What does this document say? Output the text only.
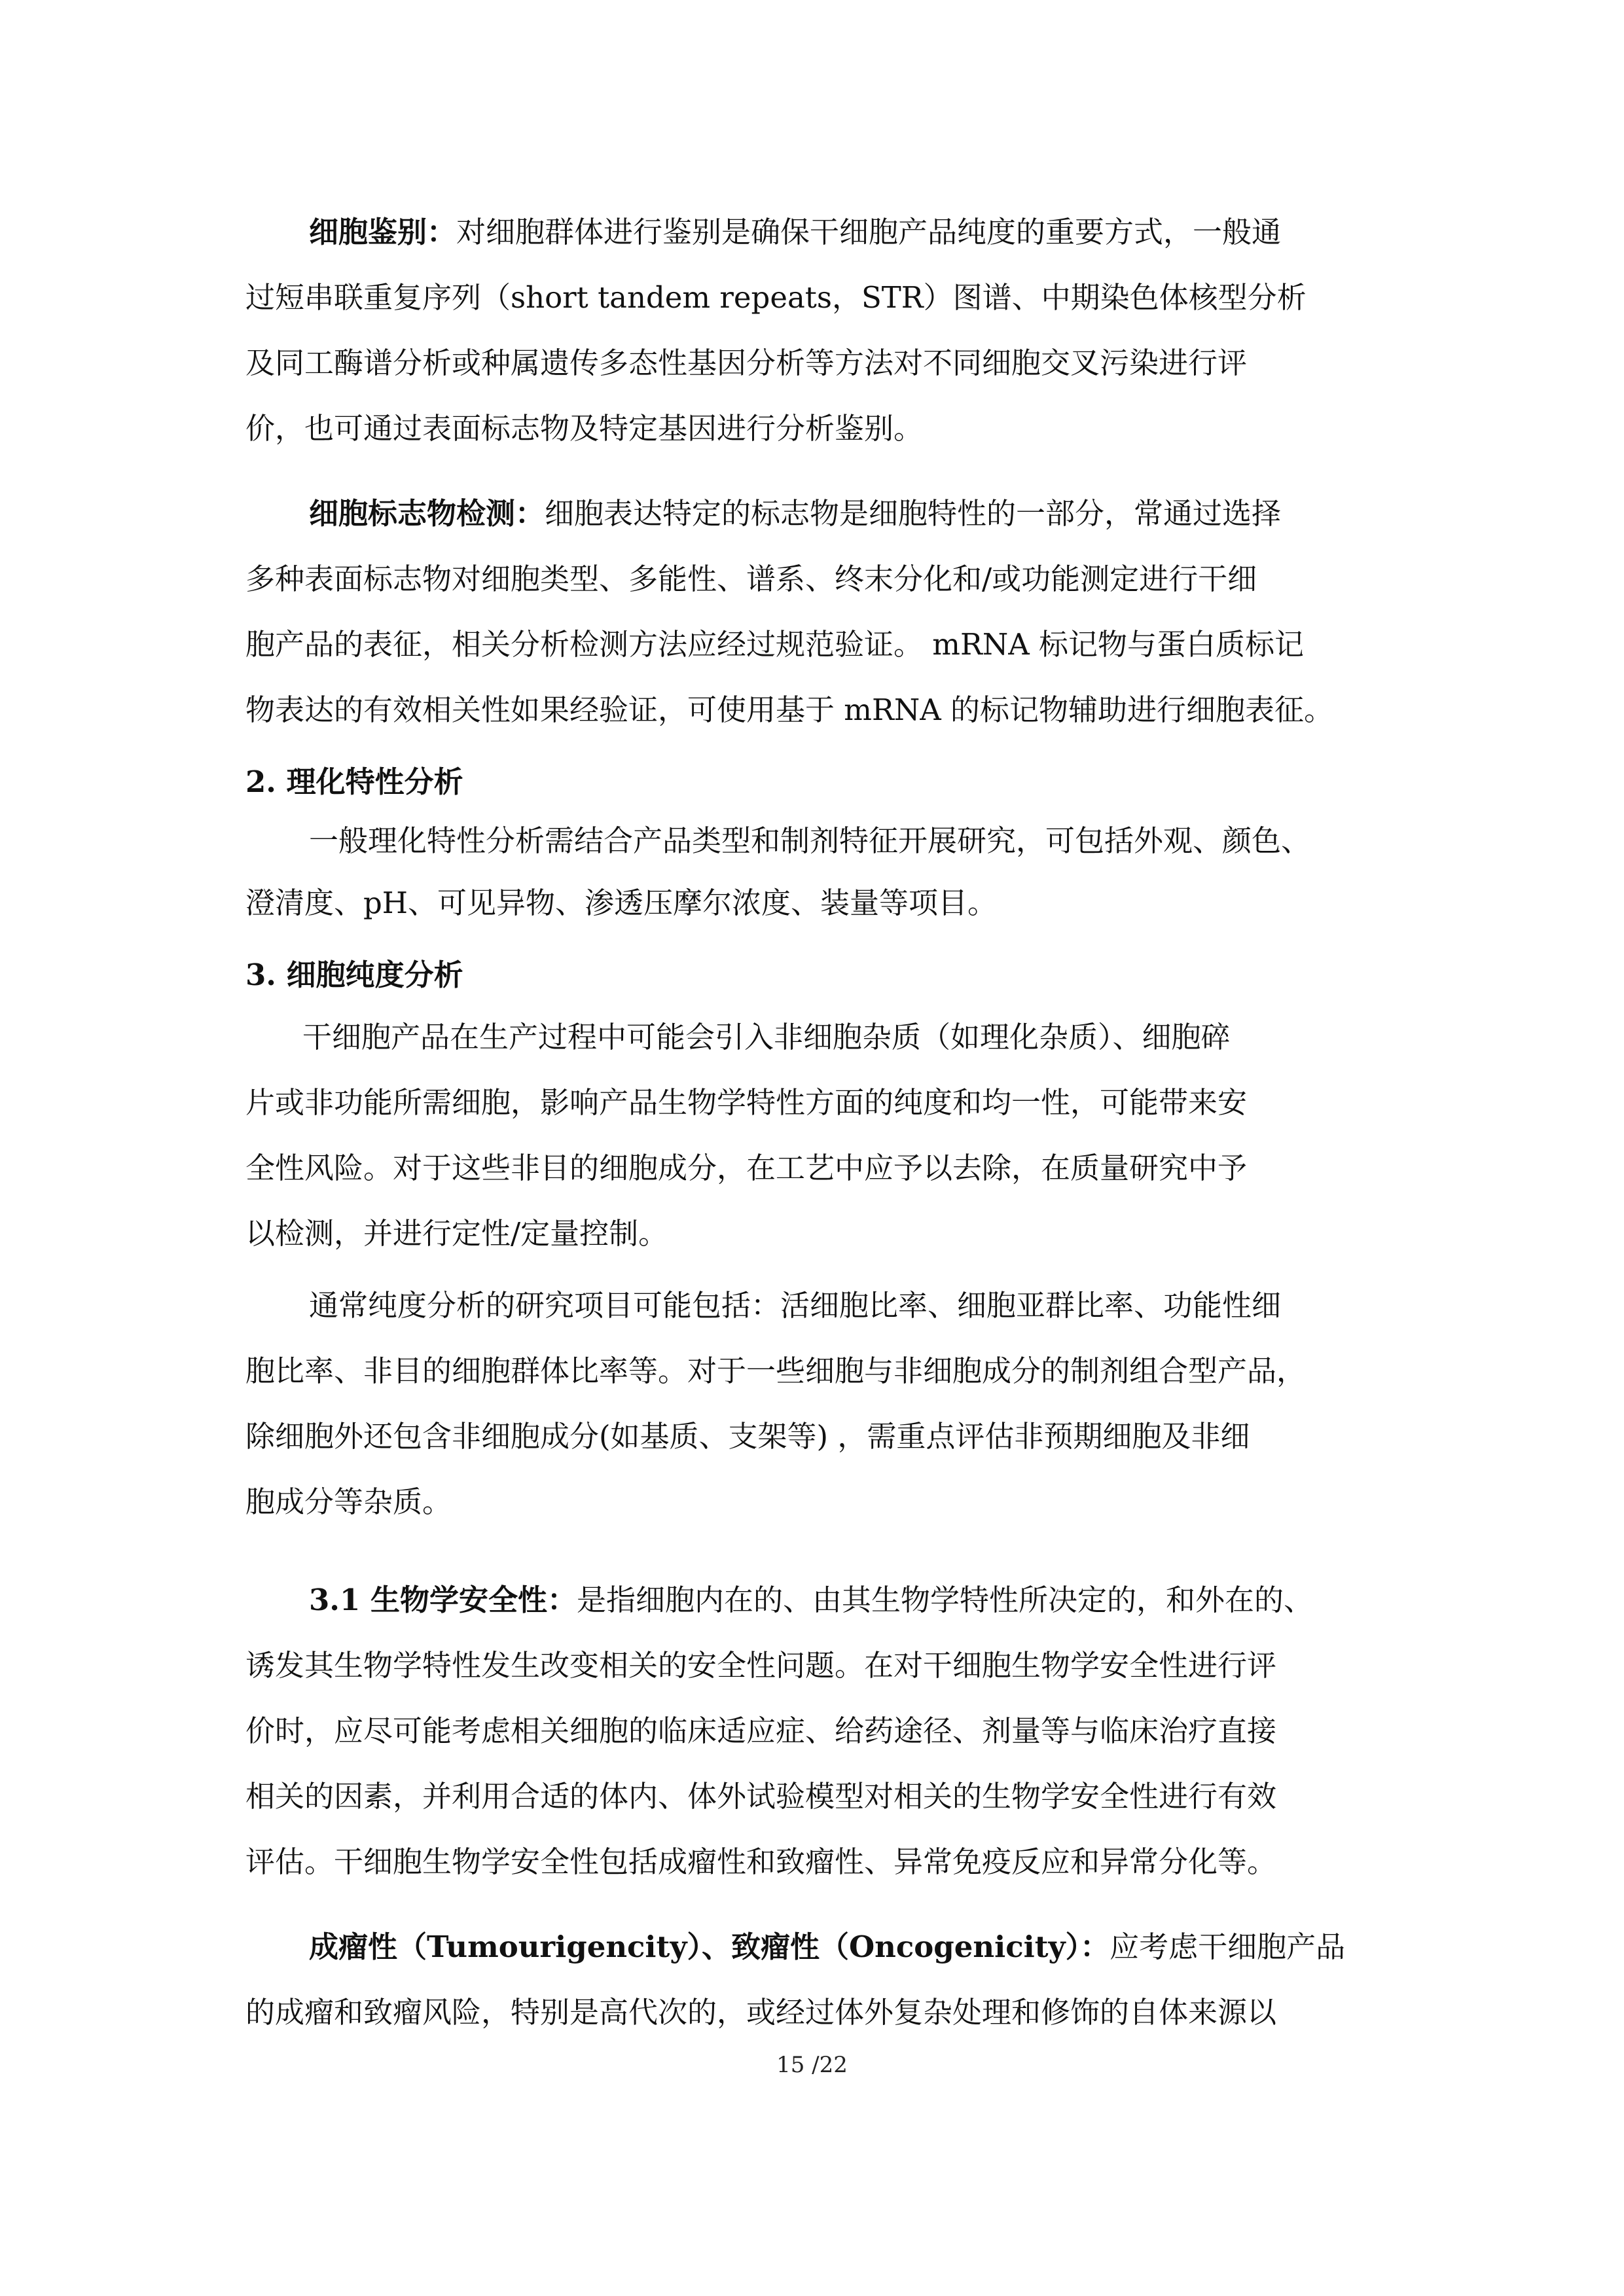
细胞鉴别：对细胞群体进行鉴别是确保干细胞产品纯度的重要方式，一般通
过短串联重复序列（short tandem repeats，STR）图谱、中期染色体核型分析
及同工酶谱分析或种属遗传多态性基因分析等方法对不同细胞交叉污染进行评
价，也可通过表面标志物及特定基因进行分析鉴别。
细胞标志物检测：细胞表达特定的标志物是细胞特性的一部分，常通过选择
多种表面标志物对细胞类型、多能性、谱系、终末分化和/或功能测定进行干细
胞产品的表征，相关分析检测方法应经过规范验证。 mRNA 标记物与蛋白质标记
物表达的有效相关性如果经验证，可使用基于 mRNA 的标记物辅助进行细胞表征。
2. 理化特性分析
一般理化特性分析需结合产品类型和制剂特征开展研究，可包括外观、颜色、
澄清度、pH、可见异物、渗透压摩尔浓度、装量等项目。
3. 细胞纯度分析
干细胞产品在生产过程中可能会引入非细胞杂质（如理化杂质）、细胞碎
片或非功能所需细胞，影响产品生物学特性方面的纯度和均一性，可能带来安
全性风险。对于这些非目的细胞成分，在工艺中应予以去除，在质量研究中予
以检测，并进行定性/定量控制。
通常纯度分析的研究项目可能包括：活细胞比率、细胞亚群比率、功能性细
胞比率、非目的细胞群体比率等。对于一些细胞与非细胞成分的制剂组合型产品，
除细胞外还包含非细胞成分(如基质、支架等) ，需重点评估非预期细胞及非细
胞成分等杂质。
3.1 生物学安全性：是指细胞内在的、由其生物学特性所决定的，和外在的、
诱发其生物学特性发生改变相关的安全性问题。在对干细胞生物学安全性进行评
价时，应尽可能考虑相关细胞的临床适应症、给药途径、剂量等与临床治疗直接
相关的因素，并利用合适的体内、体外试验模型对相关的生物学安全性进行有效
评估。干细胞生物学安全性包括成瘤性和致瘤性、异常免疫反应和异常分化等。
成瘤性（Tumourigencity）、致瘤性（Oncogenicity）：应考虑干细胞产品
的成瘤和致瘤风险，特别是高代次的，或经过体外复杂处理和修饰的自体来源以
15 /22
